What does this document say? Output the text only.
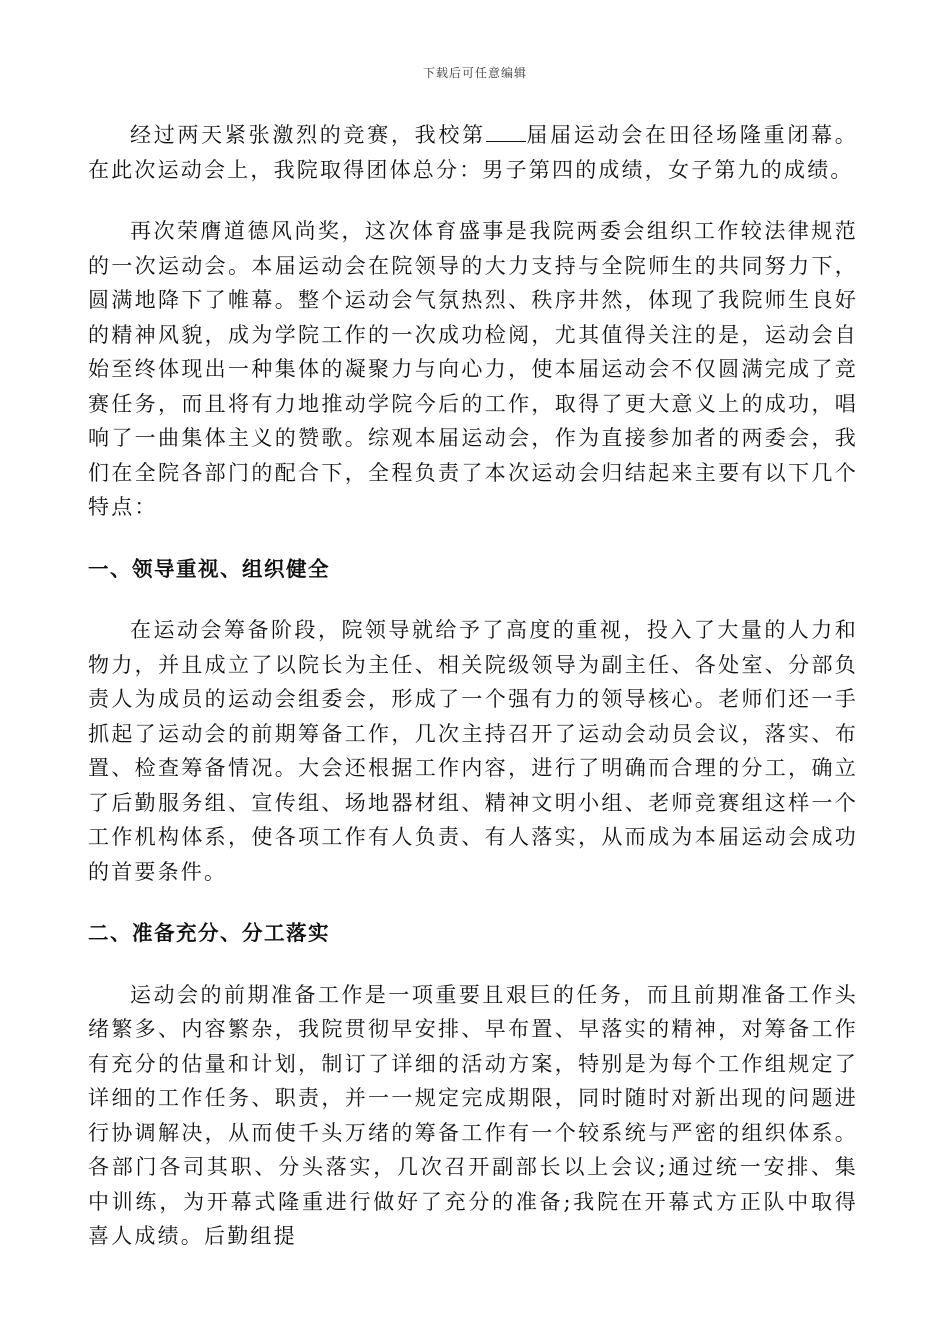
下载后可任意编辑

经过两天紧张激烈的竞赛，我校第 届届运动会在田径场隆重闭幕。在此次运动会上，我院取得团体总分：男子第四的成绩，女子第九的成绩。

再次荣膺道德风尚奖，这次体育盛事是我院两委会组织工作较法律规范的一次运动会。本届运动会在院领导的大力支持与全院师生的共同努力下，圆满地降下了帷幕。整个运动会气氛热烈、秩序井然，体现了我院师生良好的精神风貌，成为学院工作的一次成功检阅，尤其值得关注的是，运动会自始至终体现出一种集体的凝聚力与向心力，使本届运动会不仅圆满完成了竞赛任务，而且将有力地推动学院今后的工作，取得了更大意义上的成功，唱响了一曲集体主义的赞歌。综观本届运动会，作为直接参加者的两委会，我们在全院各部门的配合下，全程负责了本次运动会归结起来主要有以下几个特点：

一、领导重视、组织健全

在运动会筹备阶段，院领导就给予了高度的重视，投入了大量的人力和物力，并且成立了以院长为主任、相关院级领导为副主任、各处室、分部负责人为成员的运动会组委会，形成了一个强有力的领导核心。老师们还一手抓起了运动会的前期筹备工作，几次主持召开了运动会动员会议，落实、布置、检查筹备情况。大会还根据工作内容，进行了明确而合理的分工，确立了后勤服务组、宣传组、场地器材组、精神文明小组、老师竞赛组这样一个工作机构体系，使各项工作有人负责、有人落实，从而成为本届运动会成功的首要条件。

二、准备充分、分工落实

运动会的前期准备工作是一项重要且艰巨的任务，而且前期准备工作头绪繁多、内容繁杂，我院贯彻早安排、早布置、早落实的精神，对筹备工作有充分的估量和计划，制订了详细的活动方案，特别是为每个工作组规定了详细的工作任务、职责，并一一规定完成期限，同时随时对新出现的问题进行协调解决，从而使千头万绪的筹备工作有一个较系统与严密的组织体系。各部门各司其职、分头落实，几次召开副部长以上会议;通过统一安排、集中训练，为开幕式隆重进行做好了充分的准备;我院在开幕式方正队中取得喜人成绩。后勤组提
